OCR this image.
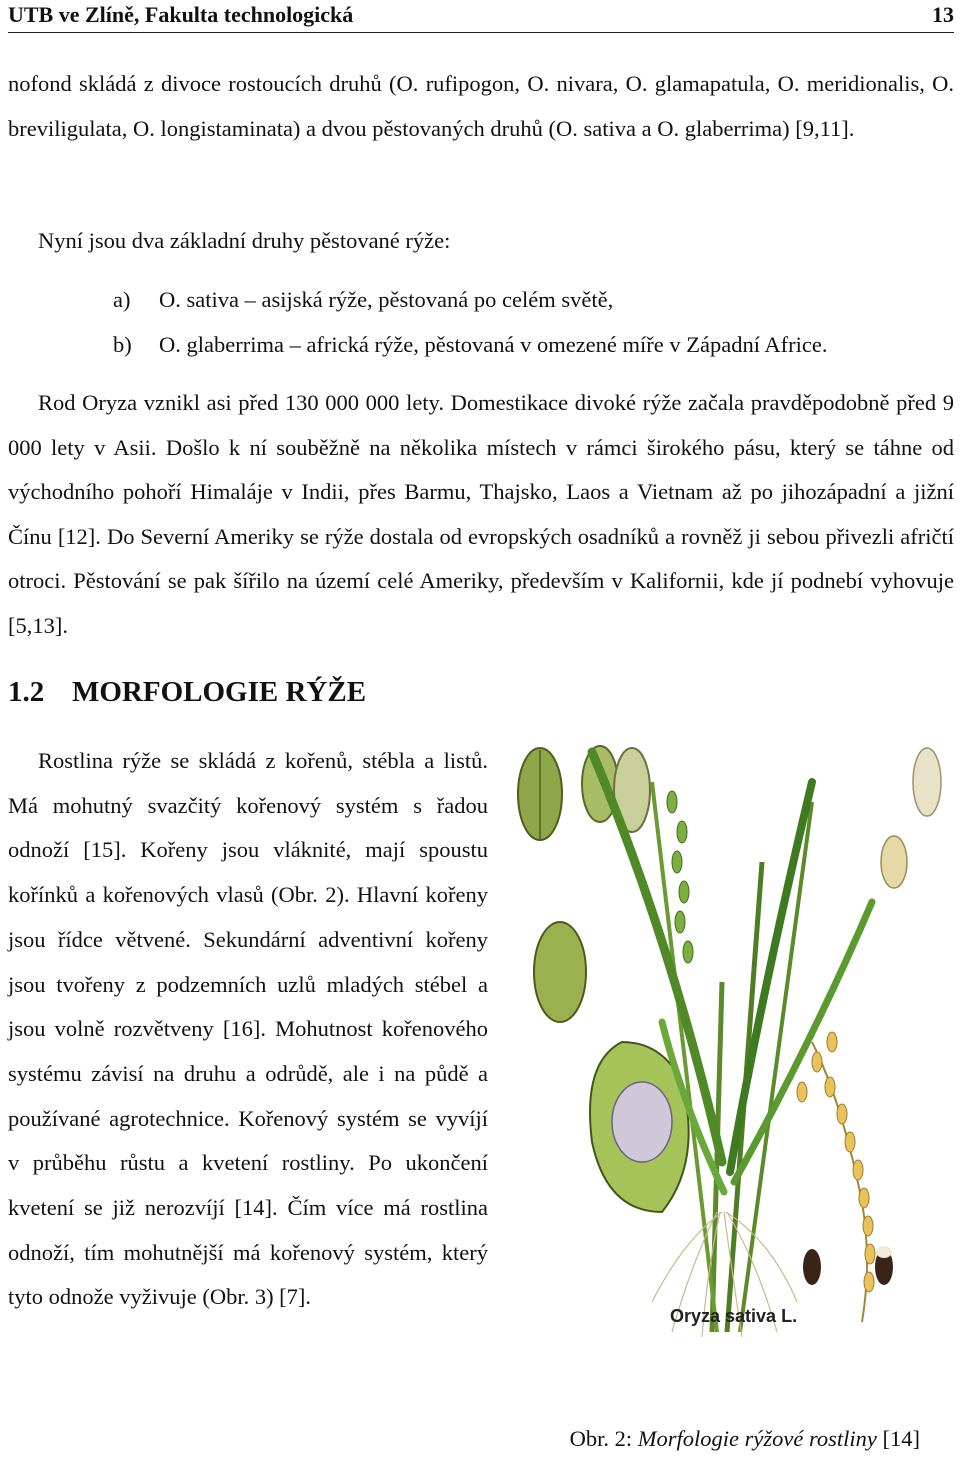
UTB ve Zlíně, Fakulta technologická	13

nofond skládá z divoce rostoucích druhů (O. rufipogon, O. nivara, O. glamapatula, O. meridionalis, O. breviligulata, O. longistaminata) a dvou pěstovaných druhů (O. sativa a O. glaberrima) [9,11].

Nyní jsou dva základní druhy pěstované rýže:

a) O. sativa – asijská rýže, pěstovaná po celém světě,

b) O. glaberrima – africká rýže, pěstovaná v omezené míře v Západní Africe.

Rod Oryza vznikl asi před 130 000 000 lety. Domestikace divoké rýže začala pravděpodobně před 9 000 lety v Asii. Došlo k ní souběžně na několika místech v rámci širokého pásu, který se táhne od východního pohoří Himaláje v Indii, přes Barmu, Thajsko, Laos a Vietnam až po jihozápadní a jižní Čínu [12]. Do Severní Ameriky se rýže dostala od evropských osadníků a rovněž ji sebou přivezli afričtí otroci. Pěstování se pak šířilo na území celé Ameriky, především v Kalifornii, kde jí podnebí vyhovuje [5,13].

1.2 MORFOLOGIE RÝŽE

Rostlina rýže se skládá z kořenů, stébla a listů. Má mohutný svazčitý kořenový systém s řadou odnoží [15]. Kořeny jsou vláknité, mají spoustu kořínků a kořenových vlasů (Obr. 2). Hlavní kořeny jsou řídce větvené. Sekundární adventivní kořeny jsou tvořeny z podzemních uzlů mladých stébel a jsou volně rozvětveny [16]. Mohutnost kořenového systému závisí na druhu a odrůdě, ale i na půdě a používané agrotechnice. Kořenový systém se vyvíjí v průběhu růstu a kvetení rostliny. Po ukončení kvetení se již nerozvíjí [14]. Čím více má rostlina odnoží, tím mohutnější má kořenový systém, který tyto odnože vyživuje (Obr. 3) [7].

Oryza sativa L.
Obr. 2: Morfologie rýžové rostliny [14]
